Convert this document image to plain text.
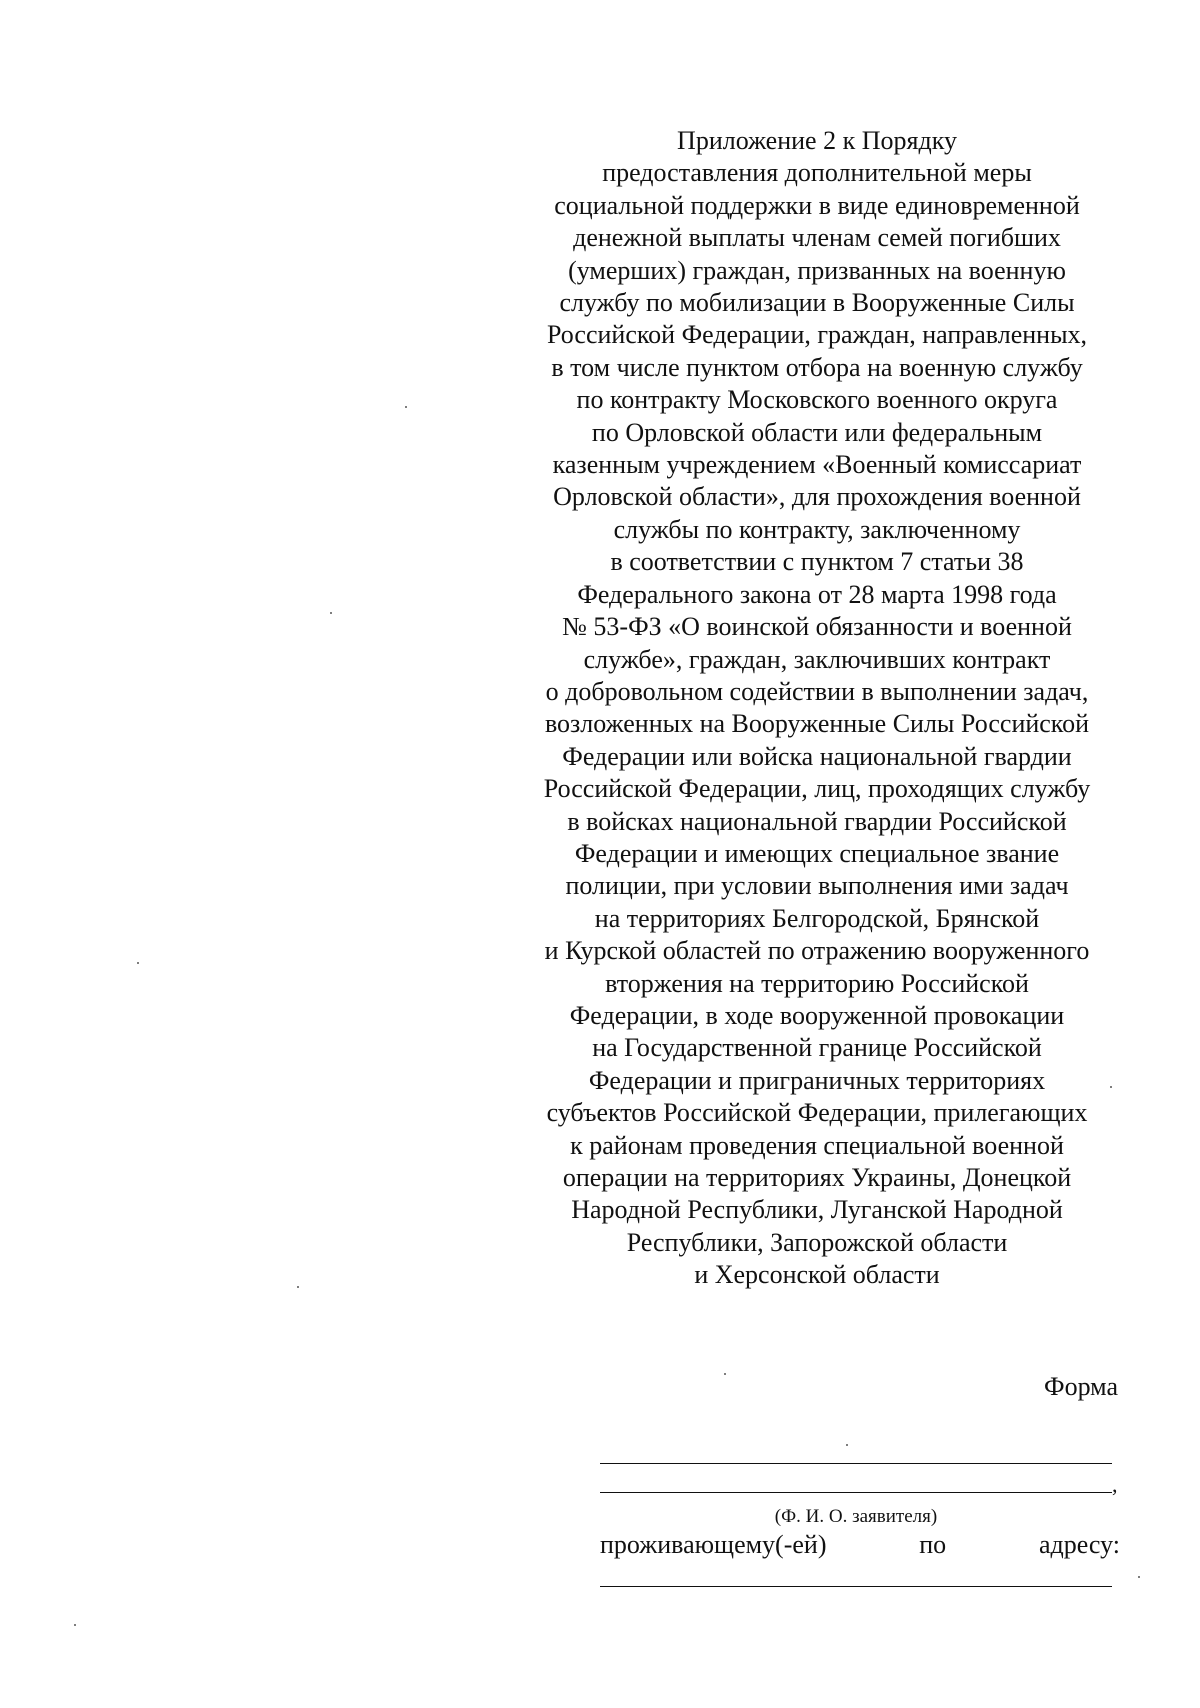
Приложение 2 к Порядку
предоставления дополнительной меры
социальной поддержки в виде единовременной
денежной выплаты членам семей погибших
(умерших) граждан, призванных на военную
службу по мобилизации в Вооруженные Силы
Российской Федерации, граждан, направленных,
в том числе пунктом отбора на военную службу
по контракту Московского военного округа
по Орловской области или федеральным
казенным учреждением «Военный комиссариат
Орловской области», для прохождения военной
службы по контракту, заключенному
в соответствии с пунктом 7 статьи 38
Федерального закона от 28 марта 1998 года
№ 53-ФЗ «О воинской обязанности и военной
службе», граждан, заключивших контракт
о добровольном содействии в выполнении задач,
возложенных на Вооруженные Силы Российской
Федерации или войска национальной гвардии
Российской Федерации, лиц, проходящих службу
в войсках национальной гвардии Российской
Федерации и имеющих специальное звание
полиции, при условии выполнения ими задач
на территориях Белгородской, Брянской
и Курской областей по отражению вооруженного
вторжения на территорию Российской
Федерации, в ходе вооруженной провокации
на Государственной границе Российской
Федерации и приграничных территориях
субъектов Российской Федерации, прилегающих
к районам проведения специальной военной
операции на территориях Украины, Донецкой
Народной Республики, Луганской Народной
Республики, Запорожской области
и Херсонской области
Форма
,
(Ф. И. О. заявителя)
проживающему(-ей)	по	адресу:
